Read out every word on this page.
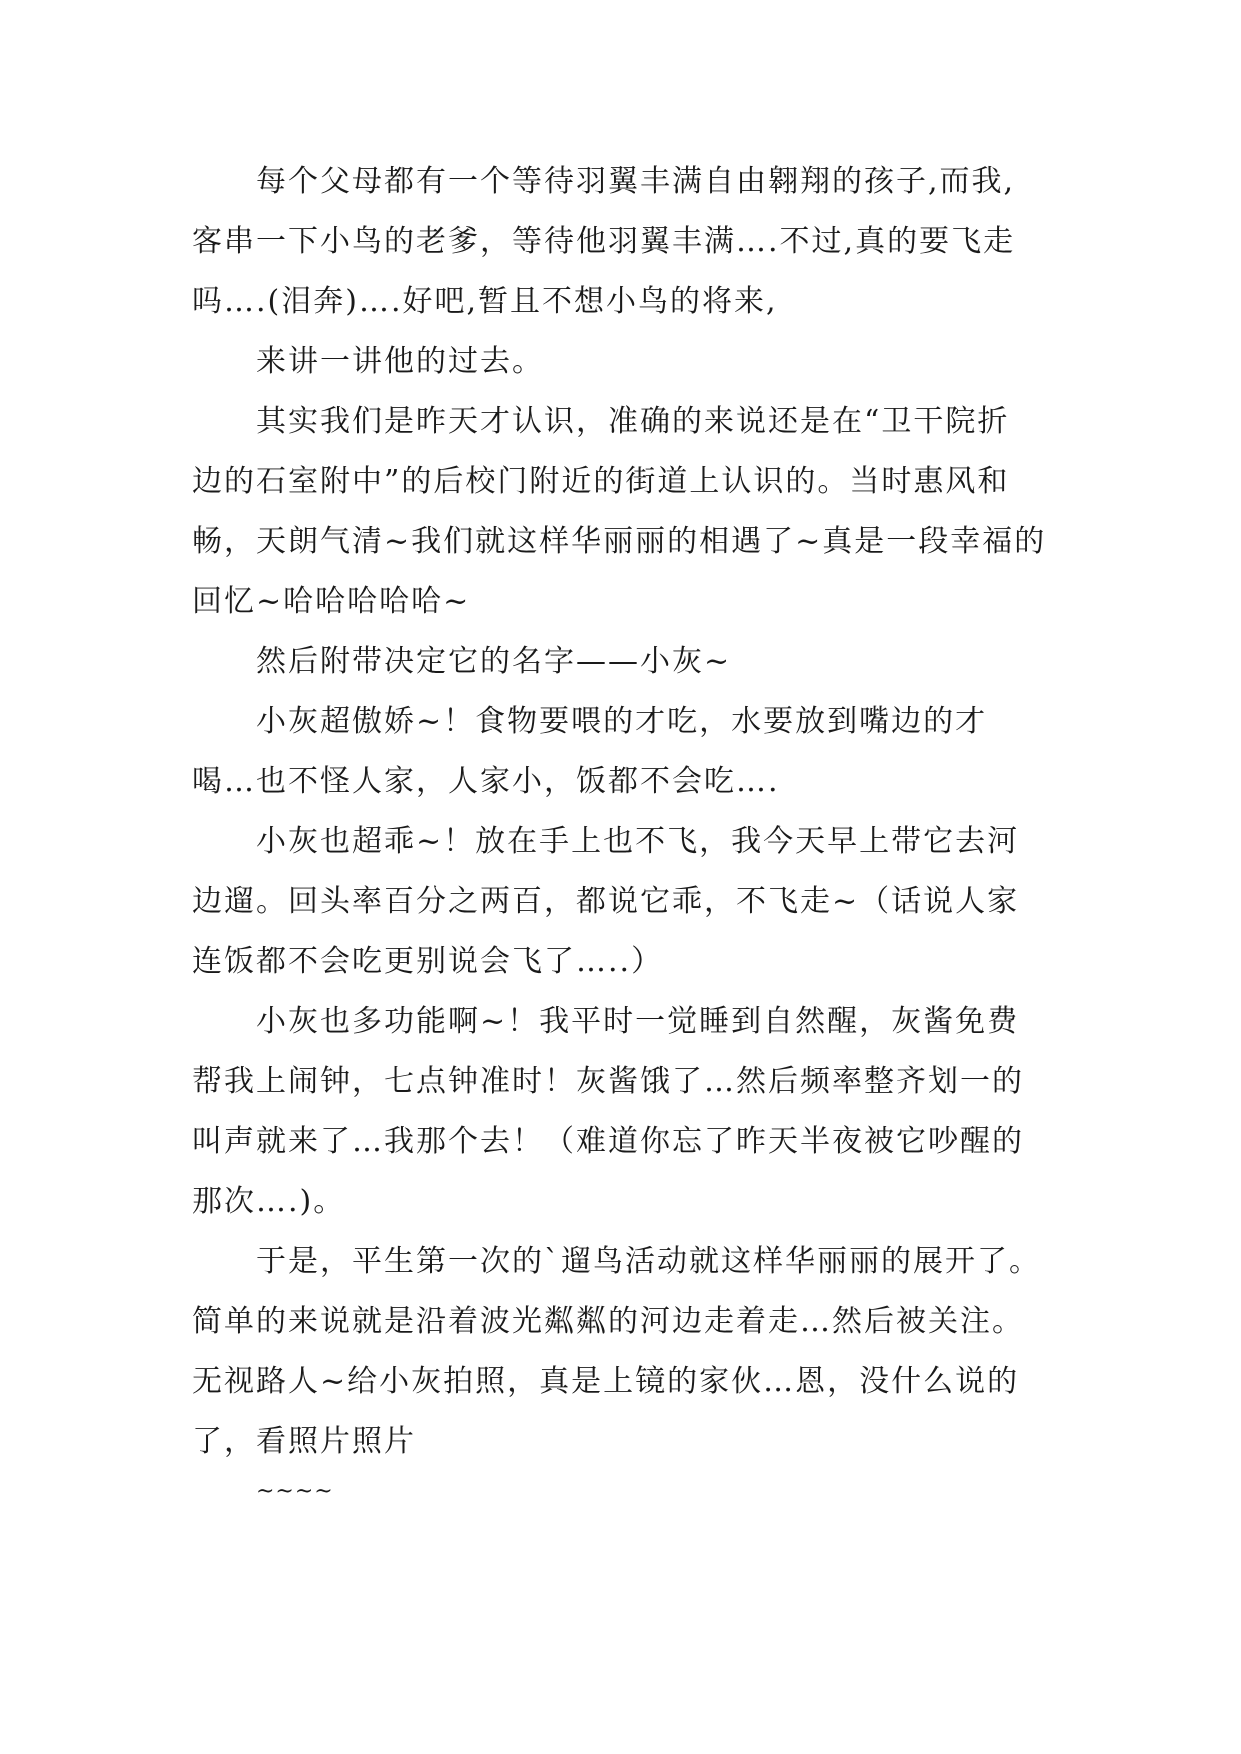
每个父母都有一个等待羽翼丰满自由翱翔的孩子,而我,
客串一下小鸟的老爹，等待他羽翼丰满….不过,真的要飞走
吗….(泪奔)….好吧,暂且不想小鸟的将来,
来讲一讲他的过去。
其实我们是昨天才认识，准确的来说还是在“卫干院折
边的石室附中”的后校门附近的街道上认识的。当时惠风和
畅，天朗气清~我们就这样华丽丽的相遇了~真是一段幸福的
回忆~哈哈哈哈哈~
然后附带决定它的名字——小灰~
小灰超傲娇~！食物要喂的才吃，水要放到嘴边的才
喝…也不怪人家，人家小，饭都不会吃….
小灰也超乖~！放在手上也不飞，我今天早上带它去河
边遛。回头率百分之两百，都说它乖，不飞走~（话说人家
连饭都不会吃更别说会飞了…..）
小灰也多功能啊~！我平时一觉睡到自然醒，灰酱免费
帮我上闹钟，七点钟准时！灰酱饿了…然后频率整齐划一的
叫声就来了…我那个去！（难道你忘了昨天半夜被它吵醒的
那次….)。
于是，平生第一次的`遛鸟活动就这样华丽丽的展开了。
简单的来说就是沿着波光粼粼的河边走着走…然后被关注。
无视路人~给小灰拍照，真是上镜的家伙…恩，没什么说的
了，看照片照片
~~~~
